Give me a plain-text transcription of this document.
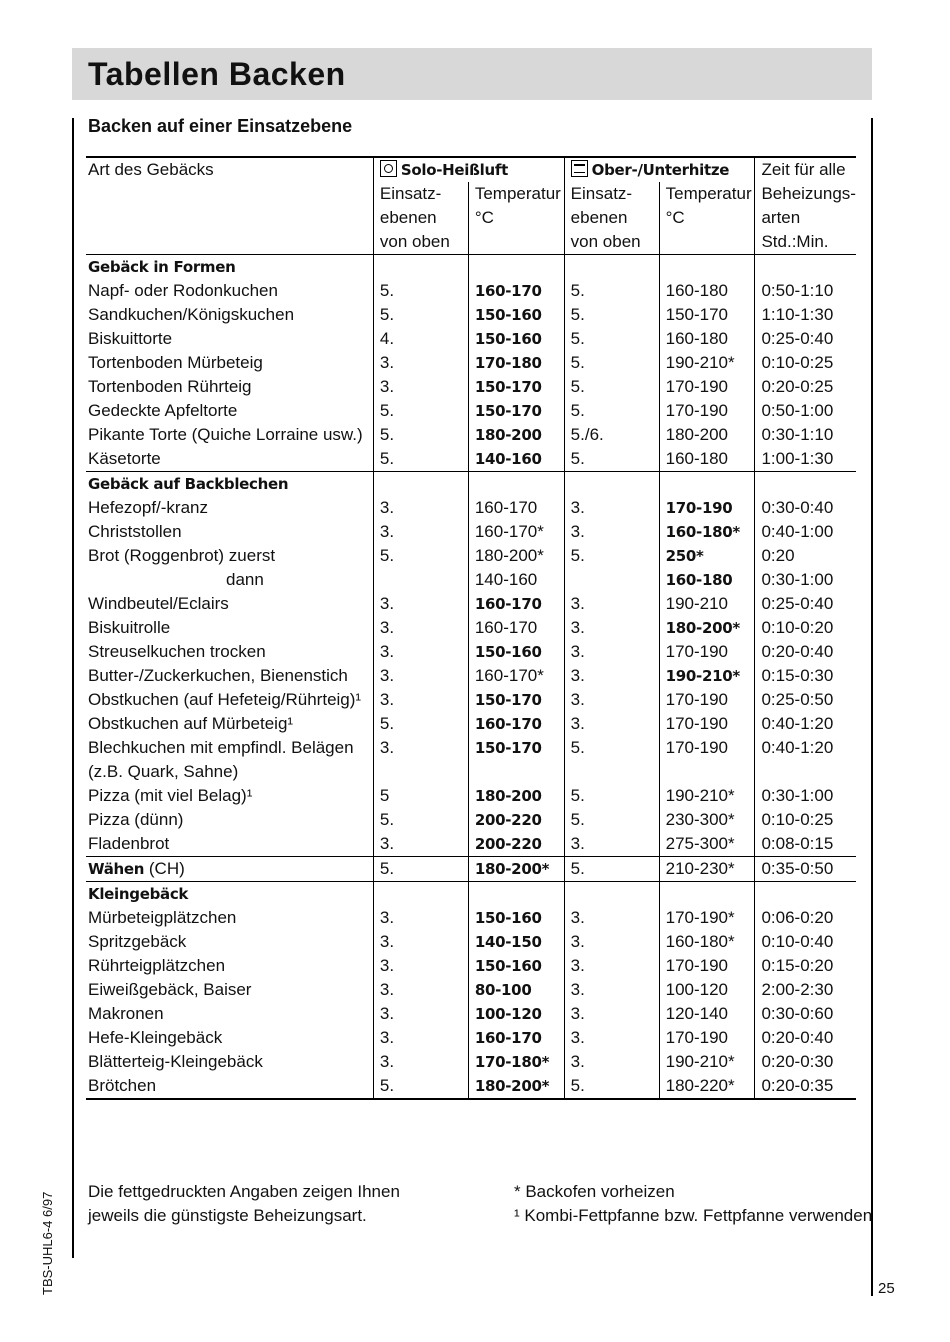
Tabellen Backen
Backen auf einer Einsatzebene
Art des Gebäcks	Solo-Heißluft		Ober-/Unterhitze		Zeit für alle
	Einsatz-	Temperatur	Einsatz-	Temperatur	Beheizungs-
	ebenen	°C	ebenen	°C	arten
	von oben		von oben		Std.:Min.
Gebäck in Formen					
Napf- oder Rodonkuchen	5.	160-170	5.	160-180	0:50-1:10
Sandkuchen/Königskuchen	5.	150-160	5.	150-170	1:10-1:30
Biskuittorte	4.	150-160	5.	160-180	0:25-0:40
Tortenboden Mürbeteig	3.	170-180	5.	190-210*	0:10-0:25
Tortenboden Rührteig	3.	150-170	5.	170-190	0:20-0:25
Gedeckte Apfeltorte	5.	150-170	5.	170-190	0:50-1:00
Pikante Torte (Quiche Lorraine usw.)	5.	180-200	5./6.	180-200	0:30-1:10
Käsetorte	5.	140-160	5.	160-180	1:00-1:30
Gebäck auf Backblechen					
Hefezopf/-kranz	3.	160-170	3.	170-190	0:30-0:40
Christstollen	3.	160-170*	3.	160-180*	0:40-1:00
Brot (Roggenbrot) zuerst	5.	180-200*	5.	250*	0:20
dann		140-160		160-180	0:30-1:00
Windbeutel/Eclairs	3.	160-170	3.	190-210	0:25-0:40
Biskuitrolle	3.	160-170	3.	180-200*	0:10-0:20
Streuselkuchen trocken	3.	150-160	3.	170-190	0:20-0:40
Butter-/Zuckerkuchen, Bienenstich	3.	160-170*	3.	190-210*	0:15-0:30
Obstkuchen (auf Hefeteig/Rührteig)¹	3.	150-170	3.	170-190	0:25-0:50
Obstkuchen auf Mürbeteig¹	5.	160-170	3.	170-190	0:40-1:20
Blechkuchen mit empfindl. Belägen	3.	150-170	5.	170-190	0:40-1:20
(z.B. Quark, Sahne)					
Pizza (mit viel Belag)¹	5	180-200	5.	190-210*	0:30-1:00
Pizza (dünn)	5.	200-220	5.	230-300*	0:10-0:25
Fladenbrot	3.	200-220	3.	275-300*	0:08-0:15
Wähen (CH)	5.	180-200*	5.	210-230*	0:35-0:50
Kleingebäck					
Mürbeteigplätzchen	3.	150-160	3.	170-190*	0:06-0:20
Spritzgebäck	3.	140-150	3.	160-180*	0:10-0:40
Rührteigplätzchen	3.	150-160	3.	170-190	0:15-0:20
Eiweißgebäck, Baiser	3.	80-100	3.	100-120	2:00-2:30
Makronen	3.	100-120	3.	120-140	0:30-0:60
Hefe-Kleingebäck	3.	160-170	3.	170-190	0:20-0:40
Blätterteig-Kleingebäck	3.	170-180*	3.	190-210*	0:20-0:30
Brötchen	5.	180-200*	5.	180-220*	0:20-0:35
Die fettgedruckten Angaben zeigen Ihnen
jeweils die günstigste Beheizungsart.
* Backofen vorheizen
¹ Kombi-Fettpfanne bzw. Fettpfanne verwenden
TBS-UHL6-4 6/97	25
